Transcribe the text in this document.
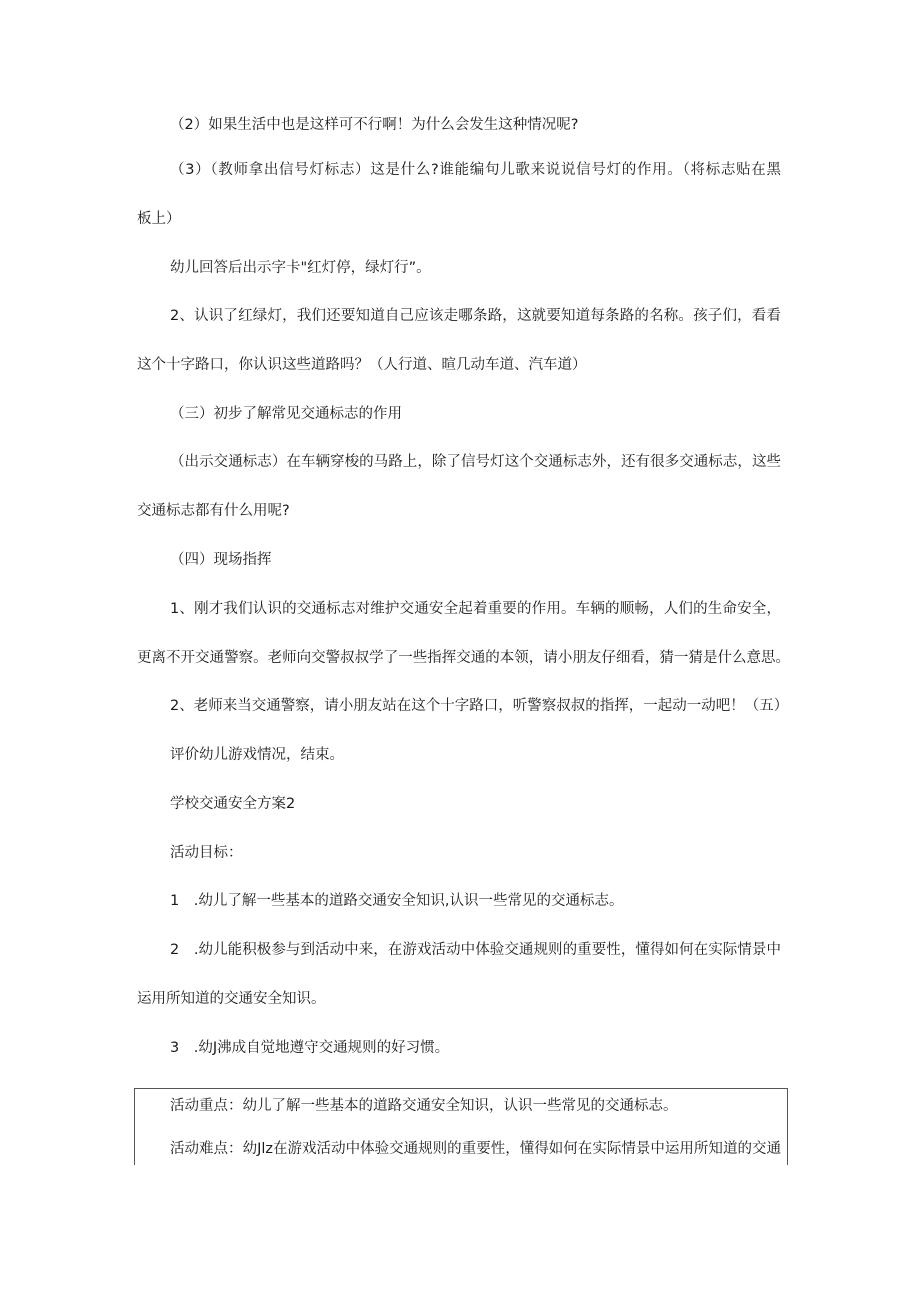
（2）如果生活中也是这样可不行啊！为什么会发生这种情况呢?
（3）（教师拿出信号灯标志）这是什么?谁能编句儿歌来说说信号灯的作用。（将标志贴在黑
板上）
幼儿回答后出示字卡"红灯停，绿灯行”。
2、认识了红绿灯，我们还要知道自己应该走哪条路，这就要知道每条路的名称。孩子们，看看
这个十字路口，你认识这些道路吗？（人行道、暄几动车道、汽车道）
（三）初步了解常见交通标志的作用
（出示交通标志）在车辆穿梭的马路上，除了信号灯这个交通标志外，还有很多交通标志，这些
交通标志都有什么用呢?
（四）现场指挥
1、刚才我们认识的交通标志对维护交通安全起着重要的作用。车辆的顺畅，人们的生命安全，
更离不开交通警察。老师向交警叔叔学了一些指挥交通的本领，请小朋友仔细看，猜一猜是什么意思。
2、老师来当交通警察，请小朋友站在这个十字路口，听警察叔叔的指挥，一起动一动吧！（五）
评价幼儿游戏情况，结束。
学校交通安全方案2
活动目标：
1　.幼儿了解一些基本的道路交通安全知识,认识一些常见的交通标志。
2　.幼儿能积极参与到活动中来，在游戏活动中体验交通规则的重要性，懂得如何在实际情景中
运用所知道的交通安全知识。
3　.幼J沸成自觉地遵守交通规则的好习惯。
活动重点：幼儿了解一些基本的道路交通安全知识，认识一些常见的交通标志。
活动难点：幼Jlz在游戏活动中体验交通规则的重要性，懂得如何在实际情景中运用所知道的交通
